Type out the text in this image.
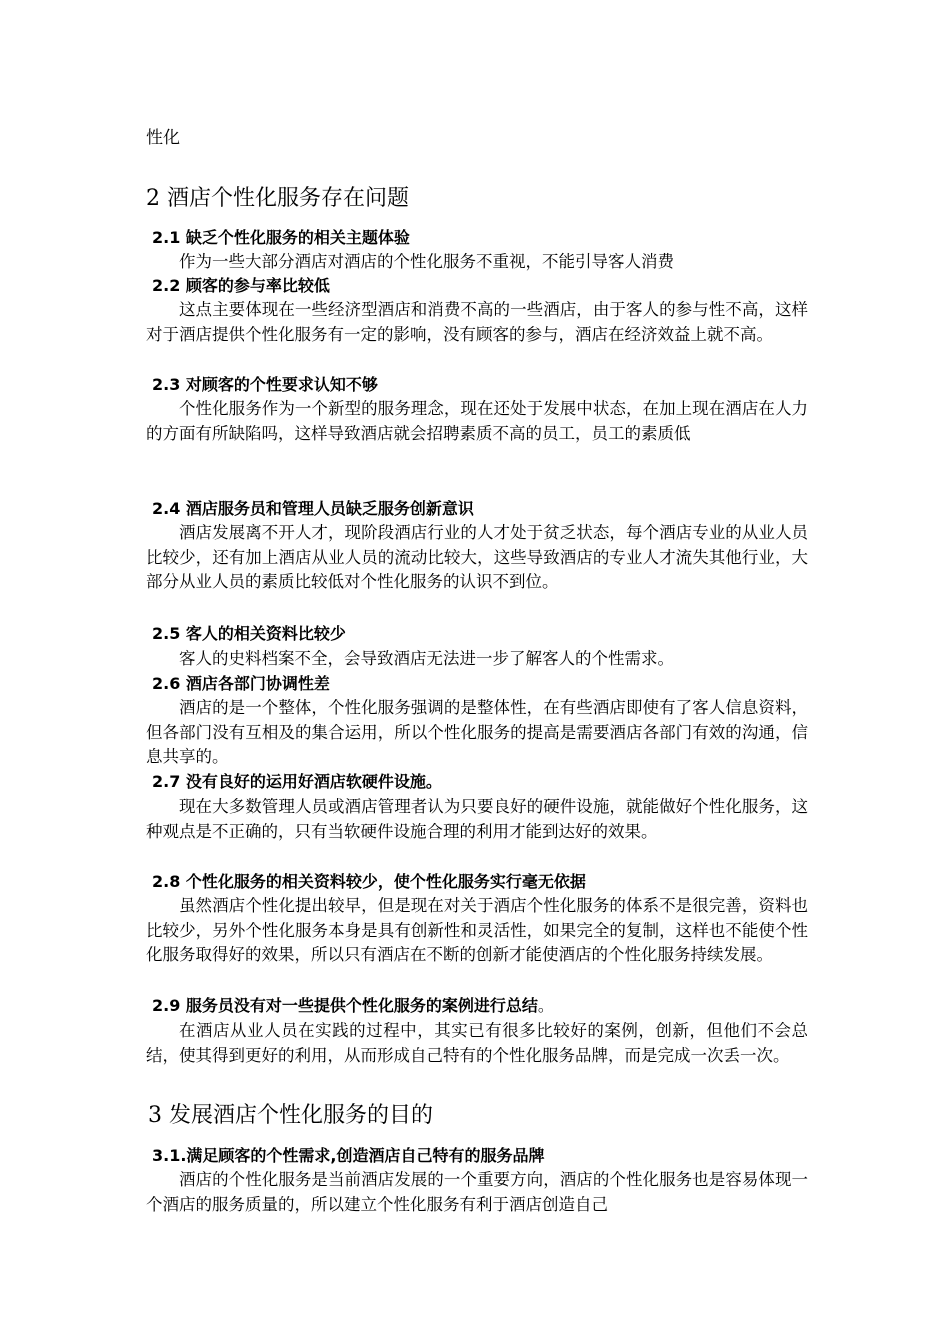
性化
2 酒店个性化服务存在问题
2.1 缺乏个性化服务的相关主题体验
作为一些大部分酒店对酒店的个性化服务不重视，不能引导客人消费
2.2 顾客的参与率比较低
这点主要体现在一些经济型酒店和消费不高的一些酒店，由于客人的参与性不高，这样对于酒店提供个性化服务有一定的影响，没有顾客的参与，酒店在经济效益上就不高。
2.3 对顾客的个性要求认知不够
个性化服务作为一个新型的服务理念，现在还处于发展中状态，在加上现在酒店在人力的方面有所缺陷吗，这样导致酒店就会招聘素质不高的员工，员工的素质低
2.4 酒店服务员和管理人员缺乏服务创新意识
酒店发展离不开人才，现阶段酒店行业的人才处于贫乏状态，每个酒店专业的从业人员比较少，还有加上酒店从业人员的流动比较大，这些导致酒店的专业人才流失其他行业，大部分从业人员的素质比较低对个性化服务的认识不到位。
2.5 客人的相关资料比较少
客人的史料档案不全，会导致酒店无法进一步了解客人的个性需求。
2.6 酒店各部门协调性差
酒店的是一个整体，个性化服务强调的是整体性，在有些酒店即使有了客人信息资料，但各部门没有互相及的集合运用，所以个性化服务的提高是需要酒店各部门有效的沟通，信息共享的。
2.7 没有良好的运用好酒店软硬件设施。
现在大多数管理人员或酒店管理者认为只要良好的硬件设施，就能做好个性化服务，这种观点是不正确的，只有当软硬件设施合理的利用才能到达好的效果。
2.8 个性化服务的相关资料较少，使个性化服务实行毫无依据
虽然酒店个性化提出较早，但是现在对关于酒店个性化服务的体系不是很完善，资料也比较少，另外个性化服务本身是具有创新性和灵活性，如果完全的复制，这样也不能使个性化服务取得好的效果，所以只有酒店在不断的创新才能使酒店的个性化服务持续发展。
2.9 服务员没有对一些提供个性化服务的案例进行总结。
在酒店从业人员在实践的过程中，其实已有很多比较好的案例，创新，但他们不会总结，使其得到更好的利用，从而形成自己特有的个性化服务品牌，而是完成一次丢一次。
3 发展酒店个性化服务的目的
3.1.满足顾客的个性需求,创造酒店自己特有的服务品牌
酒店的个性化服务是当前酒店发展的一个重要方向，酒店的个性化服务也是容易体现一个酒店的服务质量的，所以建立个性化服务有利于酒店创造自己
